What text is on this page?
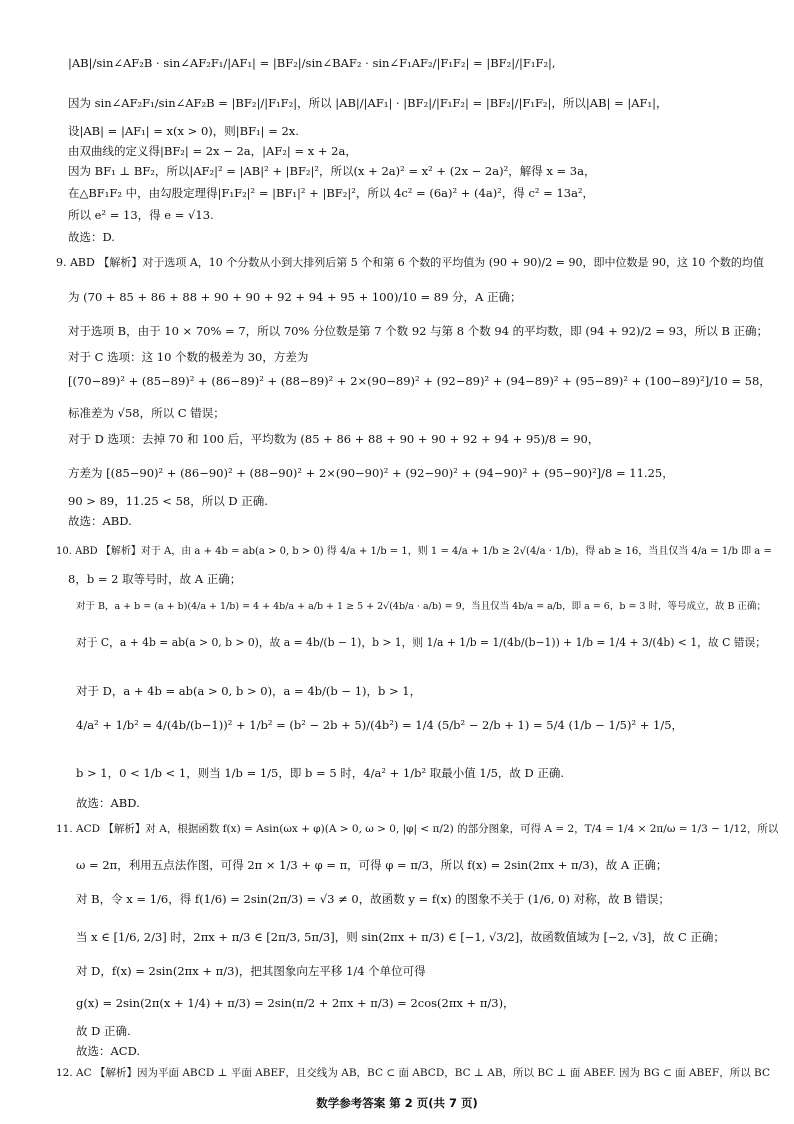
|AB|/sin∠AF₂B · sin∠AF₂F₁/|AF₁| = |BF₂|/sin∠BAF₂ · sin∠F₁AF₂/|F₁F₂| = |BF₂|/|F₁F₂|,
因为 sin∠AF₂F₁/sin∠AF₂B = |BF₂|/|F₁F₂|，所以 |AB|/|AF₁| · |BF₂|/|F₁F₂| = |BF₂|/|F₁F₂|，所以|AB| = |AF₁|，
设|AB| = |AF₁| = x(x > 0)，则|BF₁| = 2x.
由双曲线的定义得|BF₂| = 2x − 2a，|AF₂| = x + 2a，
因为 BF₁ ⊥ BF₂，所以|AF₂|² = |AB|² + |BF₂|²，所以(x + 2a)² = x² + (2x − 2a)²，解得 x = 3a，
在△BF₁F₂ 中，由勾股定理得|F₁F₂|² = |BF₁|² + |BF₂|²，所以 4c² = (6a)² + (4a)²，得 c² = 13a²，
所以 e² = 13，得 e = √13.
故选：D.
9. ABD 【解析】对于选项 A，10 个分数从小到大排列后第 5 个和第 6 个数的平均值为 (90 + 90)/2 = 90，即中位数是 90，这 10 个数的均值
为 (70 + 85 + 86 + 88 + 90 + 90 + 92 + 94 + 95 + 100)/10 = 89 分，A 正确；
对于选项 B，由于 10 × 70% = 7，所以 70% 分位数是第 7 个数 92 与第 8 个数 94 的平均数，即 (94 + 92)/2 = 93，所以 B 正确；
对于 C 选项：这 10 个数的极差为 30，方差为
[(70−89)² + (85−89)² + (86−89)² + (88−89)² + 2×(90−89)² + (92−89)² + (94−89)² + (95−89)² + (100−89)²]/10 = 58，
标准差为 √58，所以 C 错误；
对于 D 选项：去掉 70 和 100 后，平均数为 (85 + 86 + 88 + 90 + 90 + 92 + 94 + 95)/8 = 90，
方差为 [(85−90)² + (86−90)² + (88−90)² + 2×(90−90)² + (92−90)² + (94−90)² + (95−90)²]/8 = 11.25，
90 > 89，11.25 < 58，所以 D 正确.
故选：ABD.
10. ABD 【解析】对于 A，由 a + 4b = ab(a > 0, b > 0) 得 4/a + 1/b = 1，则 1 = 4/a + 1/b ≥ 2√(4/a · 1/b)，得 ab ≥ 16，当且仅当 4/a = 1/b 即 a =
8，b = 2 取等号时，故 A 正确；
对于 B，a + b = (a + b)(4/a + 1/b) = 4 + 4b/a + a/b + 1 ≥ 5 + 2√(4b/a · a/b) = 9，当且仅当 4b/a = a/b，即 a = 6，b = 3 时，等号成立，故 B 正确；
对于 C，a + 4b = ab(a > 0, b > 0)，故 a = 4b/(b − 1)，b > 1，则 1/a + 1/b = 1/(4b/(b−1)) + 1/b = 1/4 + 3/(4b) < 1，故 C 错误；
对于 D，a + 4b = ab(a > 0, b > 0)，a = 4b/(b − 1)，b > 1，
4/a² + 1/b² = 4/(4b/(b−1))² + 1/b² = (b² − 2b + 5)/(4b²) = 1/4 (5/b² − 2/b + 1) = 5/4 (1/b − 1/5)² + 1/5，
b > 1，0 < 1/b < 1，则当 1/b = 1/5，即 b = 5 时，4/a² + 1/b² 取最小值 1/5，故 D 正确.
故选：ABD.
11. ACD 【解析】对 A，根据函数 f(x) = Asin(ωx + φ)(A > 0, ω > 0, |φ| < π/2) 的部分图象，可得 A = 2，T/4 = 1/4 × 2π/ω = 1/3 − 1/12，所以
ω = 2π，利用五点法作图，可得 2π × 1/3 + φ = π，可得 φ = π/3，所以 f(x) = 2sin(2πx + π/3)，故 A 正确；
对 B，令 x = 1/6，得 f(1/6) = 2sin(2π/3) = √3 ≠ 0，故函数 y = f(x) 的图象不关于 (1/6, 0) 对称，故 B 错误；
当 x ∈ [1/6, 2/3] 时，2πx + π/3 ∈ [2π/3, 5π/3]，则 sin(2πx + π/3) ∈ [−1, √3/2]，故函数值域为 [−2, √3]，故 C 正确；
对 D，f(x) = 2sin(2πx + π/3)，把其图象向左平移 1/4 个单位可得
g(x) = 2sin(2π(x + 1/4) + π/3) = 2sin(π/2 + 2πx + π/3) = 2cos(2πx + π/3)，
故 D 正确.
故选：ACD.
12. AC 【解析】因为平面 ABCD ⊥ 平面 ABEF，且交线为 AB，BC ⊂ 面 ABCD，BC ⊥ AB，所以 BC ⊥ 面 ABEF. 因为 BG ⊂ 面 ABEF，所以 BC
数学参考答案 第 2 页(共 7 页)
